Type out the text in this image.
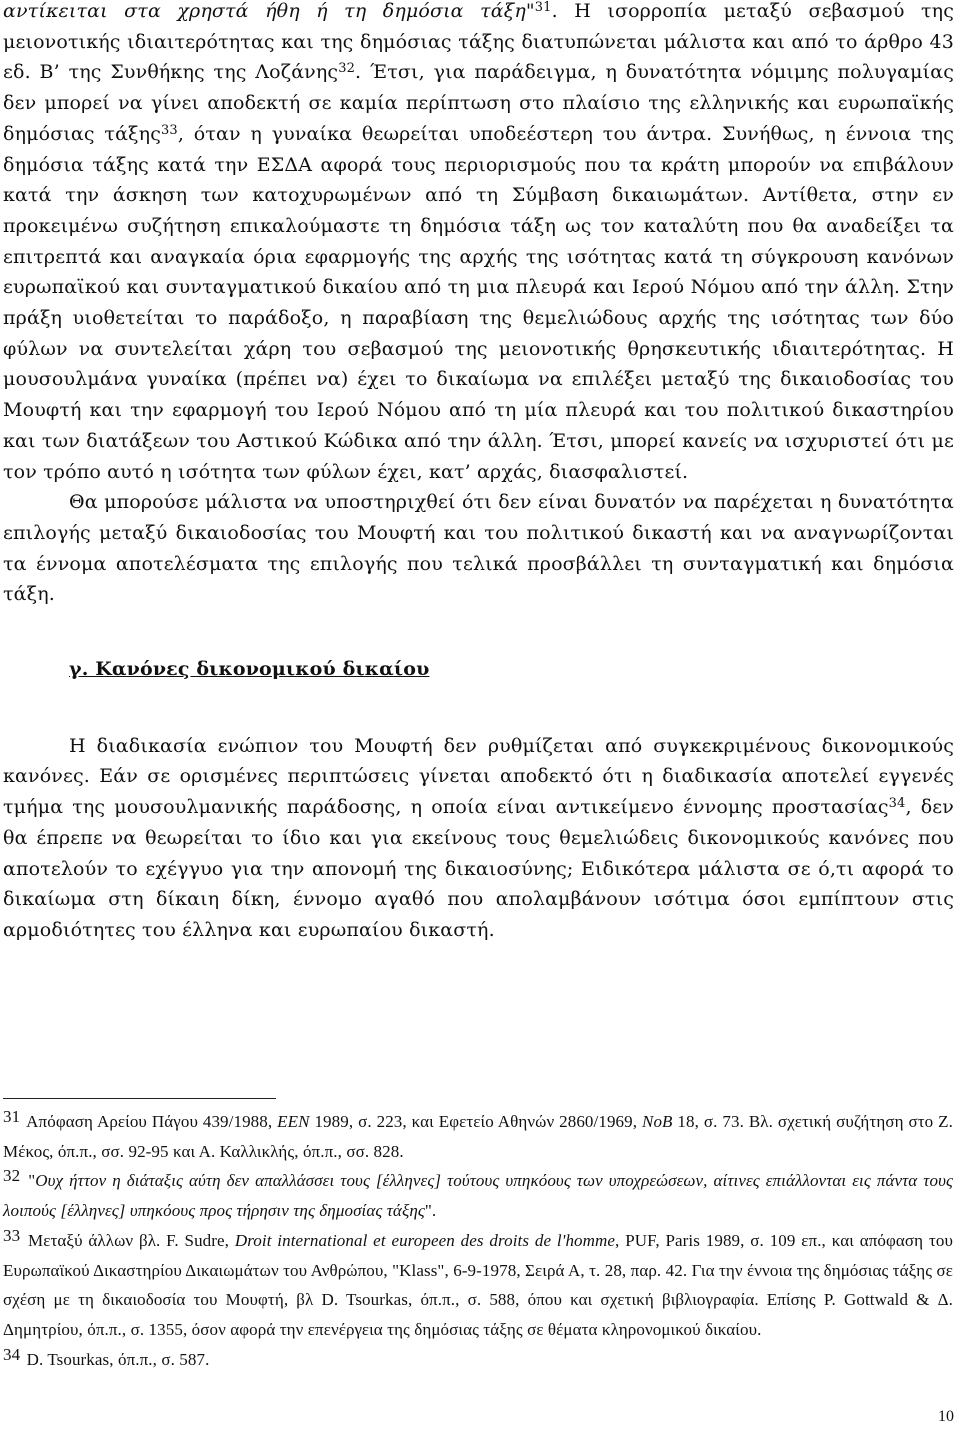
αντίκειται στα χρηστά ήθη ή τη δημόσια τάξη"$^{31}$. Η ισορροπία μεταξύ σεβασμού της μειονοτικής ιδιαιτερότητας και της δημόσιας τάξης διατυπώνεται μάλιστα και από το άρθρο 43 εδ. Β’ της Συνθήκης της Λοζάνης$^{32}$. Έτσι, για παράδειγμα, η δυνατότητα νόμιμης πολυγαμίας δεν μπορεί να γίνει αποδεκτή σε καμία περίπτωση στο πλαίσιο της ελληνικής και ευρωπαϊκής δημόσιας τάξης$^{33}$, όταν η γυναίκα θεωρείται υποδεέστερη του άντρα. Συνήθως, η έννοια της δημόσια τάξης κατά την ΕΣΔΑ αφορά τους περιορισμούς που τα κράτη μπορούν να επιβάλουν κατά την άσκηση των κατοχυρωμένων από τη Σύμβαση δικαιωμάτων. Αντίθετα, στην εν προκειμένω συζήτηση επικαλούμαστε τη δημόσια τάξη ως τον καταλύτη που θα αναδείξει τα επιτρεπτά και αναγκαία όρια εφαρμογής της αρχής της ισότητας κατά τη σύγκρουση κανόνων ευρωπαϊκού και συνταγματικού δικαίου από τη μια πλευρά και Ιερού Νόμου από την άλλη. Στην πράξη υιοθετείται το παράδοξο, η παραβίαση της θεμελιώδους αρχής της ισότητας των δύο φύλων να συντελείται χάρη του σεβασμού της μειονοτικής θρησκευτικής ιδιαιτερότητας. Η μουσουλμάνα γυναίκα (πρέπει να) έχει το δικαίωμα να επιλέξει μεταξύ της δικαιοδοσίας του Μουφτή και την εφαρμογή του Ιερού Νόμου από τη μία πλευρά και του πολιτικού δικαστηρίου και των διατάξεων του Αστικού Κώδικα από την άλλη. Έτσι, μπορεί κανείς να ισχυριστεί ότι με τον τρόπο αυτό η ισότητα των φύλων έχει, κατ’ αρχάς, διασφαλιστεί.

Θα μπορούσε μάλιστα να υποστηριχθεί ότι δεν είναι δυνατόν να παρέχεται η δυνατότητα επιλογής μεταξύ δικαιοδοσίας του Μουφτή και του πολιτικού δικαστή και να αναγνωρίζονται τα έννομα αποτελέσματα της επιλογής που τελικά προσβάλλει τη συνταγματική και δημόσια τάξη.

γ. Κανόνες δικονομικού δικαίου

Η διαδικασία ενώπιον του Μουφτή δεν ρυθμίζεται από συγκεκριμένους δικονομικούς κανόνες. Εάν σε ορισμένες περιπτώσεις γίνεται αποδεκτό ότι η διαδικασία αποτελεί εγγενές τμήμα της μουσουλμανικής παράδοσης, η οποία είναι αντικείμενο έννομης προστασίας$^{34}$, δεν θα έπρεπε να θεωρείται το ίδιο και για εκείνους τους θεμελιώδεις δικονομικούς κανόνες που αποτελούν το εχέγγυο για την απονομή της δικαιοσύνης; Ειδικότερα μάλιστα σε ό,τι αφορά το δικαίωμα στη δίκαιη δίκη, έννομο αγαθό που απολαμβάνουν ισότιμα όσοι εμπίπτουν στις αρμοδιότητες του έλληνα και ευρωπαίου δικαστή.

31 Απόφαση Αρείου Πάγου 439/1988, ΕΕΝ 1989, σ. 223, και Εφετείο Αθηνών 2860/1969, ΝοΒ 18, σ. 73. Βλ. σχετική συζήτηση στο Ζ. Μέκος, όπ.π., σσ. 92-95 και Α. Καλλικλής, όπ.π., σσ. 828.

32 "Ουχ ήττον η διάταξις αύτη δεν απαλλάσσει τους [έλληνες] τούτους υπηκόους των υποχρεώσεων, αίτινες επιάλλονται εις πάντα τους λοιπούς [έλληνες] υπηκόους προς τήρησιν της δημοσίας τάξης".

33 Μεταξύ άλλων βλ. F. Sudre, Droit international et europeen des droits de l'homme, PUF, Paris 1989, σ. 109 επ., και απόφαση του Ευρωπαϊκού Δικαστηρίου Δικαιωμάτων του Ανθρώπου, "Klass", 6-9-1978, Σειρά Α, τ. 28, παρ. 42. Για την έννοια της δημόσιας τάξης σε σχέση με τη δικαιοδοσία του Μουφτή, βλ D. Tsourkas, όπ.π., σ. 588, όπου και σχετική βιβλιογραφία. Επίσης P. Gottwald & Δ. Δημητρίου, όπ.π., σ. 1355, όσον αφορά την επενέργεια της δημόσιας τάξης σε θέματα κληρονομικού δικαίου.

34 D. Tsourkas, όπ.π., σ. 587.

10
